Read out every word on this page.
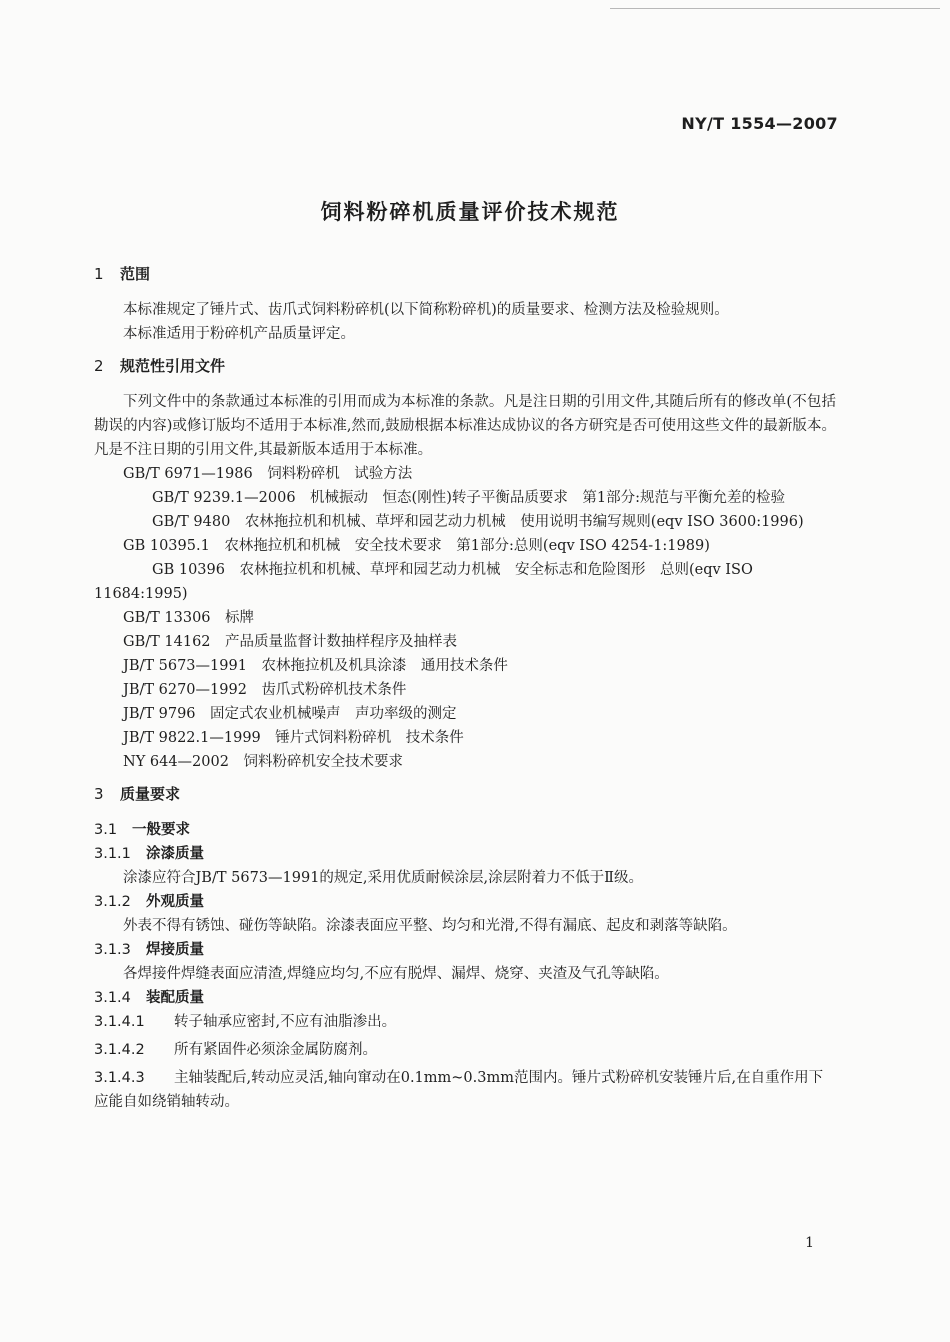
NY/T 1554—2007
饲料粉碎机质量评价技术规范

1 范围

本标准规定了锤片式、齿爪式饲料粉碎机(以下简称粉碎机)的质量要求、检测方法及检验规则。

本标准适用于粉碎机产品质量评定。

2 规范性引用文件

下列文件中的条款通过本标准的引用而成为本标准的条款。凡是注日期的引用文件,其随后所有的修改单(不包括勘误的内容)或修订版均不适用于本标准,然而,鼓励根据本标准达成协议的各方研究是否可使用这些文件的最新版本。凡是不注日期的引用文件,其最新版本适用于本标准。

GB/T 6971—1986　 饲料粉碎机　试验方法

GB/T 9239.1—2006　 机械振动　恒态(刚性)转子平衡品质要求　第1部分:规范与平衡允差的检验

GB/T 9480　 农林拖拉机和机械、草坪和园艺动力机械　使用说明书编写规则(eqv ISO 3600:1996)

GB 10395.1　 农林拖拉机和机械　安全技术要求　第1部分:总则(eqv ISO 4254-1:1989)

GB 10396　 农林拖拉机和机械、草坪和园艺动力机械　安全标志和危险图形　总则(eqv ISO 11684:1995)

GB/T 13306　 标牌

GB/T 14162　 产品质量监督计数抽样程序及抽样表

JB/T 5673—1991　 农林拖拉机及机具涂漆　通用技术条件

JB/T 6270—1992　 齿爪式粉碎机技术条件

JB/T 9796　 固定式农业机械噪声　声功率级的测定

JB/T 9822.1—1999　 锤片式饲料粉碎机　技术条件

NY 644—2002　 饲料粉碎机安全技术要求

3 质量要求

3.1 一般要求

3.1.1 涂漆质量

涂漆应符合JB/T 5673—1991的规定,采用优质耐候涂层,涂层附着力不低于Ⅱ级。

3.1.2 外观质量

外表不得有锈蚀、碰伤等缺陷。涂漆表面应平整、均匀和光滑,不得有漏底、起皮和剥落等缺陷。

3.1.3 焊接质量

各焊接件焊缝表面应清渣,焊缝应均匀,不应有脱焊、漏焊、烧穿、夹渣及气孔等缺陷。

3.1.4 装配质量

3.1.4.1 转子轴承应密封,不应有油脂渗出。

3.1.4.2 所有紧固件必须涂金属防腐剂。

3.1.4.3 主轴装配后,转动应灵活,轴向窜动在0.1mm~0.3mm范围内。锤片式粉碎机安装锤片后,在自重作用下应能自如绕销轴转动。

1
